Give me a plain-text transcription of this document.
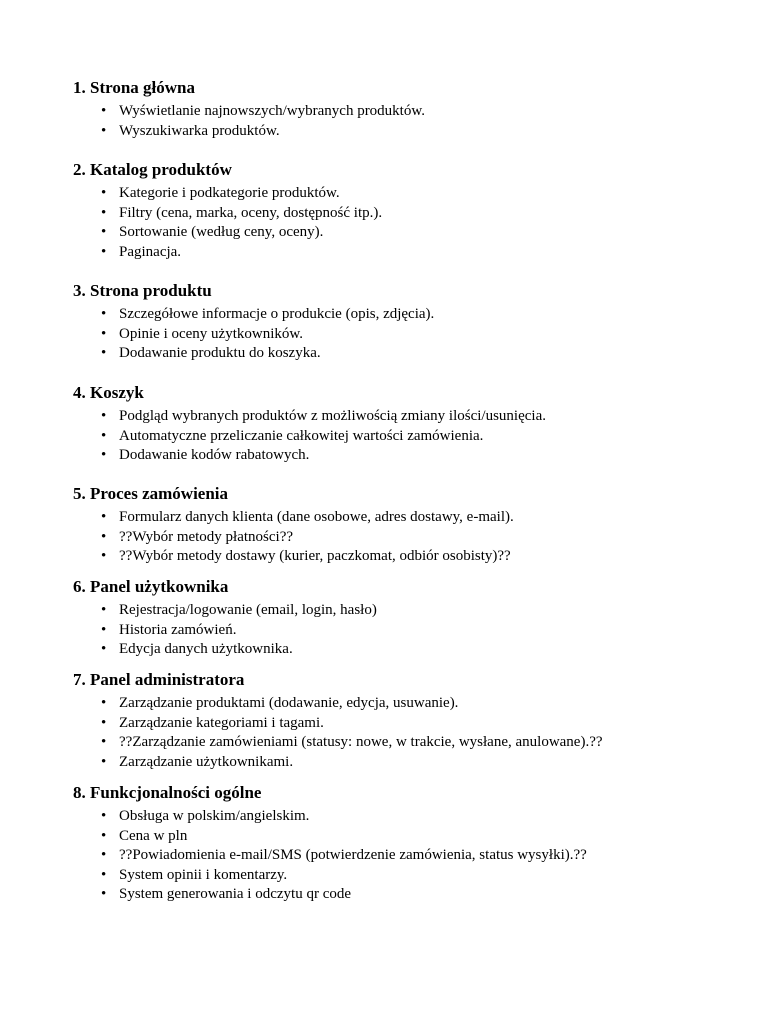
1. Strona główna
• Wyświetlanie najnowszych/wybranych produktów.
• Wyszukiwarka produktów.
2. Katalog produktów
• Kategorie i podkategorie produktów.
• Filtry (cena, marka, oceny, dostępność itp.).
• Sortowanie (według ceny, oceny).
• Paginacja.
3. Strona produktu
• Szczegółowe informacje o produkcie (opis, zdjęcia).
• Opinie i oceny użytkowników.
• Dodawanie produktu do koszyka.
4. Koszyk
• Podgląd wybranych produktów z możliwością zmiany ilości/usunięcia.
• Automatyczne przeliczanie całkowitej wartości zamówienia.
• Dodawanie kodów rabatowych.
5. Proces zamówienia
• Formularz danych klienta (dane osobowe, adres dostawy, e-mail).
• ??Wybór metody płatności??
• ??Wybór metody dostawy (kurier, paczkomat, odbiór osobisty)??
6. Panel użytkownika
• Rejestracja/logowanie (email, login, hasło)
• Historia zamówień.
• Edycja danych użytkownika.
7. Panel administratora
• Zarządzanie produktami (dodawanie, edycja, usuwanie).
• Zarządzanie kategoriami i tagami.
• ??Zarządzanie zamówieniami (statusy: nowe, w trakcie, wysłane, anulowane).??
• Zarządzanie użytkownikami.
8. Funkcjonalności ogólne
• Obsługa w polskim/angielskim.
• Cena w pln
• ??Powiadomienia e-mail/SMS (potwierdzenie zamówienia, status wysyłki).??
• System opinii i komentarzy.
• System generowania i odczytu qr code
